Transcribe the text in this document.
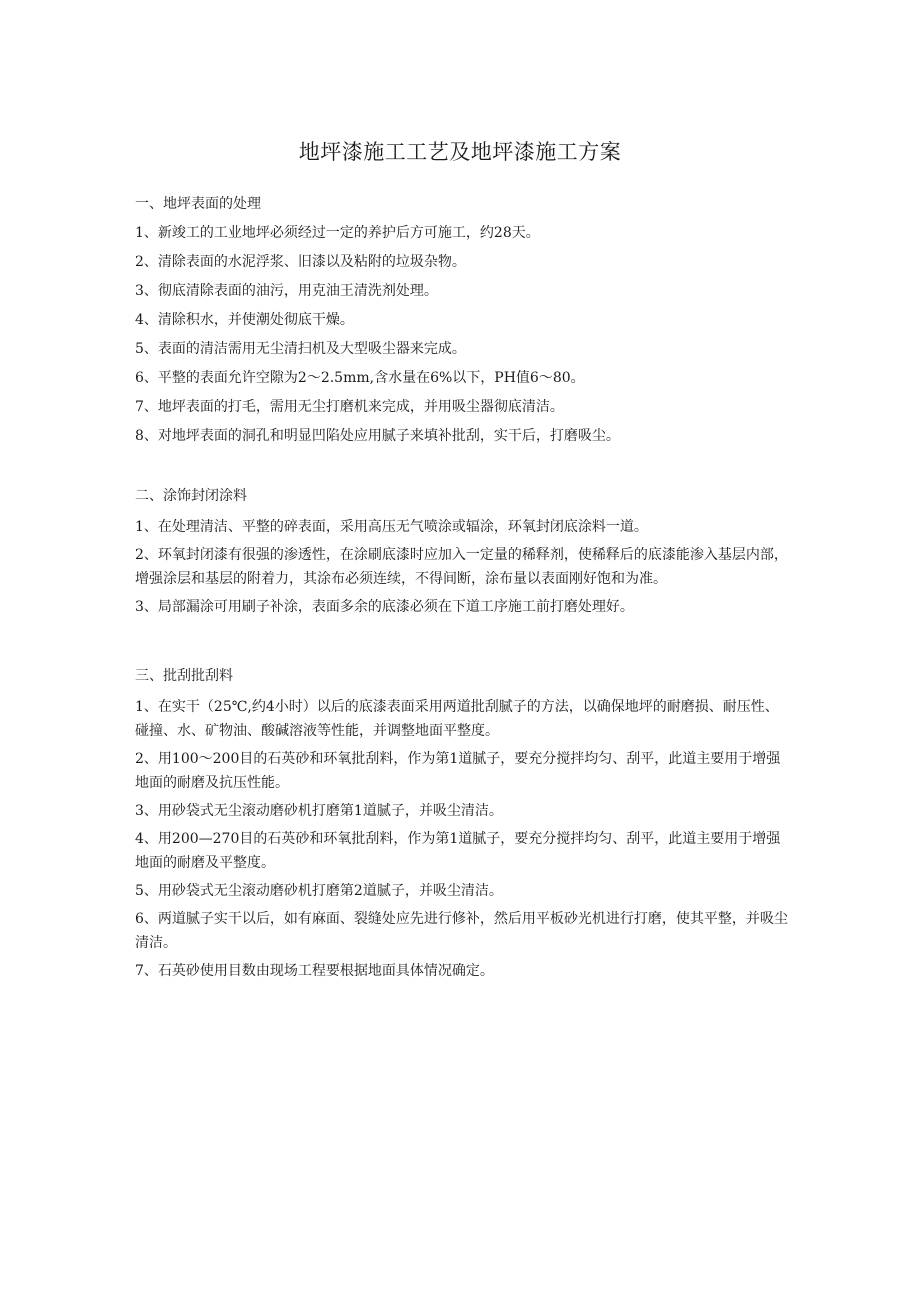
地坪漆施工工艺及地坪漆施工方案
一、地坪表面的处理
1、新竣工的工业地坪必须经过一定的养护后方可施工，约28天。
2、清除表面的水泥浮浆、旧漆以及粘附的垃圾杂物。
3、彻底清除表面的油污，用克油王清洗剂处理。
4、清除积水，并使潮处彻底干燥。
5、表面的清洁需用无尘清扫机及大型吸尘器来完成。
6、平整的表面允许空隙为2～2.5mm,含水量在6%以下，PH值6～80。
7、地坪表面的打毛，需用无尘打磨机来完成，并用吸尘器彻底清洁。
8、对地坪表面的洞孔和明显凹陷处应用腻子来填补批刮，实干后，打磨吸尘。
二、涂饰封闭涂料
1、在处理清洁、平整的碎表面，采用高压无气喷涂或辐涂，环氧封闭底涂料一道。
2、环氧封闭漆有很强的渗透性，在涂刷底漆时应加入一定量的稀释剂，使稀释后的底漆能渗入基层内部，增强涂层和基层的附着力，其涂布必须连续，不得间断，涂布量以表面刚好饱和为准。
3、局部漏涂可用刷子补涂，表面多余的底漆必须在下道工序施工前打磨处理好。
三、批刮批刮料
1、在实干（25℃,约4小时）以后的底漆表面采用两道批刮腻子的方法，以确保地坪的耐磨损、耐压性、碰撞、水、矿物油、酸碱溶液等性能，并调整地面平整度。
2、用100～200目的石英砂和环氧批刮料，作为第1道腻子，要充分搅拌均匀、刮平，此道主要用于增强地面的耐磨及抗压性能。
3、用砂袋式无尘滚动磨砂机打磨第1道腻子，并吸尘清洁。
4、用200—270目的石英砂和环氧批刮料，作为第1道腻子，要充分搅拌均匀、刮平，此道主要用于增强地面的耐磨及平整度。
5、用砂袋式无尘滚动磨砂机打磨第2道腻子，并吸尘清洁。
6、两道腻子实干以后，如有麻面、裂缝处应先进行修补，然后用平板砂光机进行打磨，使其平整，并吸尘清洁。
7、石英砂使用目数由现场工程要根据地面具体情况确定。
